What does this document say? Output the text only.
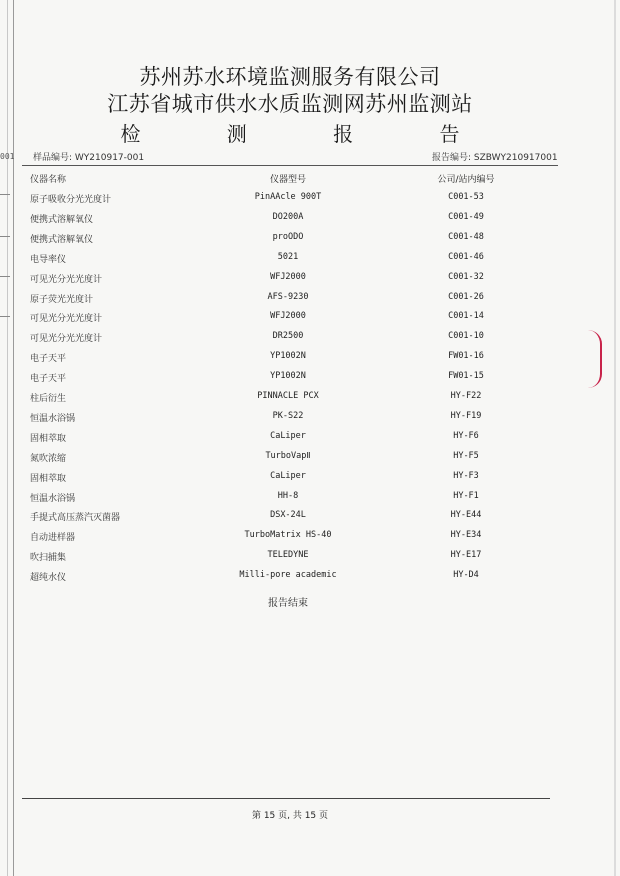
001
苏州苏水环境监测服务有限公司
江苏省城市供水水质监测网苏州监测站
检 测 报 告
样品编号: WY210917-001	报告编号: SZBWY210917001
仪器名称	仪器型号	公司/站内编号
原子吸收分光光度计	PinAAcle 900T	C001-53
便携式溶解氧仪	DO200A	C001-49
便携式溶解氧仪	proODO	C001-48
电导率仪	5021	C001-46
可见光分光光度计	WFJ2000	C001-32
原子荧光光度计	AFS-9230	C001-26
可见光分光光度计	WFJ2000	C001-14
可见光分光光度计	DR2500	C001-10
电子天平	YP1002N	FW01-16
电子天平	YP1002N	FW01-15
柱后衍生	PINNACLE PCX	HY-F22
恒温水浴锅	PK-S22	HY-F19
固相萃取	CaLiper	HY-F6
氮吹浓缩	TurboVapⅡ	HY-F5
固相萃取	CaLiper	HY-F3
恒温水浴锅	HH-8	HY-F1
手提式高压蒸汽灭菌器	DSX-24L	HY-E44
自动进样器	TurboMatrix HS-40	HY-E34
吹扫捕集	TELEDYNE	HY-E17
超纯水仪	Milli-pore academic	HY-D4
报告结束
第 15 页, 共 15 页
